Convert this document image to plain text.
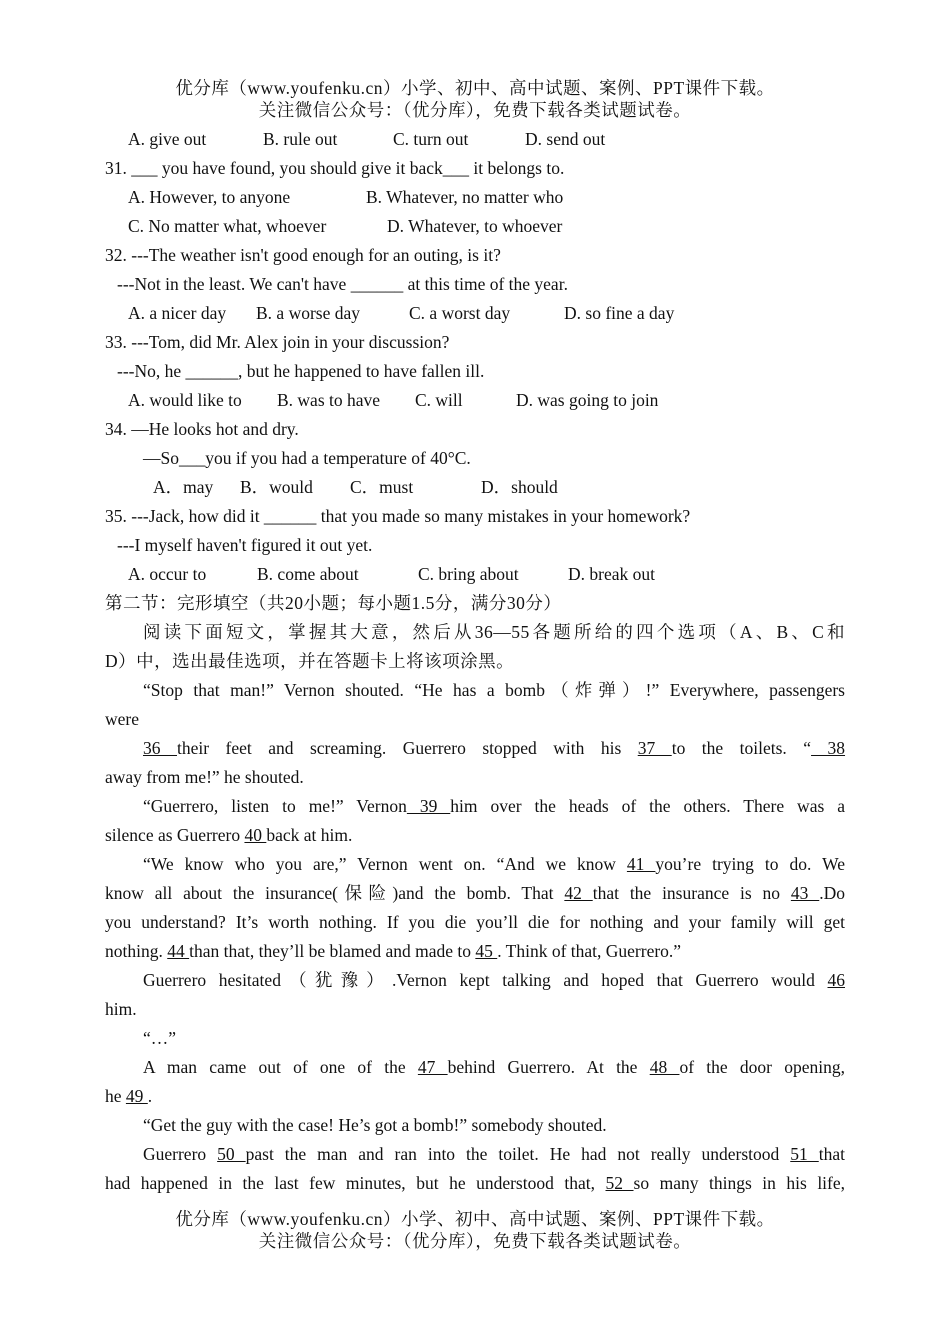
优分库（www.youfenku.cn）小学、初中、高中试题、案例、PPT课件下载。
关注微信公众号：（优分库），免费下载各类试题试卷。
A. give out	B. rule out	C. turn out	D. send out
31. ___ you have found, you should give it back___ it belongs to.
A. However, to anyone	B. Whatever, no matter who
C. No matter what, whoever	D. Whatever, to whoever
32. ---The weather isn't good enough for an outing, is it?
---Not in the least. We can't have ______ at this time of the year.
A. a nicer day B. a worse day	C. a worst day	D. so fine a day
33. ---Tom, did Mr. Alex join in your discussion?
---No, he ______, but he happened to have fallen ill.
A. would like to B. was to have C. will	D. was going to join
34. —He looks hot and dry.
—So___you if you had a temperature of 40°C.
A．may B．would C．must	D．should
35. ---Jack, how did it ______ that you made so many mistakes in your homework?
---I myself haven't figured it out yet.
A. occur to	B. come about	C. bring about	D. break out
第二节：完形填空（共20小题；每小题1.5分，满分30分）
阅读下面短文，掌握其大意，然后从36—55各题所给的四个选项（A、B、C和
D）中，选出最佳选项，并在答题卡上将该项涂黑。
“Stop that man!” Vernon shouted. “He has a bomb（炸弹）!” Everywhere, passengers
were
36 their feet and screaming. Guerrero stopped with his 37 to the toilets. “ 38
away from me!” he shouted.
“Guerrero, listen to me!” Vernon 39 him over the heads of the others. There was a
silence as Guerrero 40 back at him.
“We know who you are,” Vernon went on. “And we know 41 you’re trying to do. We
know all about the insurance(保险)and the bomb. That 42 that the insurance is no 43 .Do
you understand? It’s worth nothing. If you die you’ll die for nothing and your family will get
nothing. 44 than that, they’ll be blamed and made to 45 . Think of that, Guerrero.”
Guerrero hesitated（犹豫）.Vernon kept talking and hoped that Guerrero would 46
him.
“…”
A man came out of one of the 47 behind Guerrero. At the 48 of the door opening,
he 49 .
“Get the guy with the case! He’s got a bomb!” somebody shouted.
Guerrero 50 past the man and ran into the toilet. He had not really understood 51 that
had happened in the last few minutes, but he understood that, 52 so many things in his life,
优分库（www.youfenku.cn）小学、初中、高中试题、案例、PPT课件下载。
关注微信公众号：（优分库），免费下载各类试题试卷。
